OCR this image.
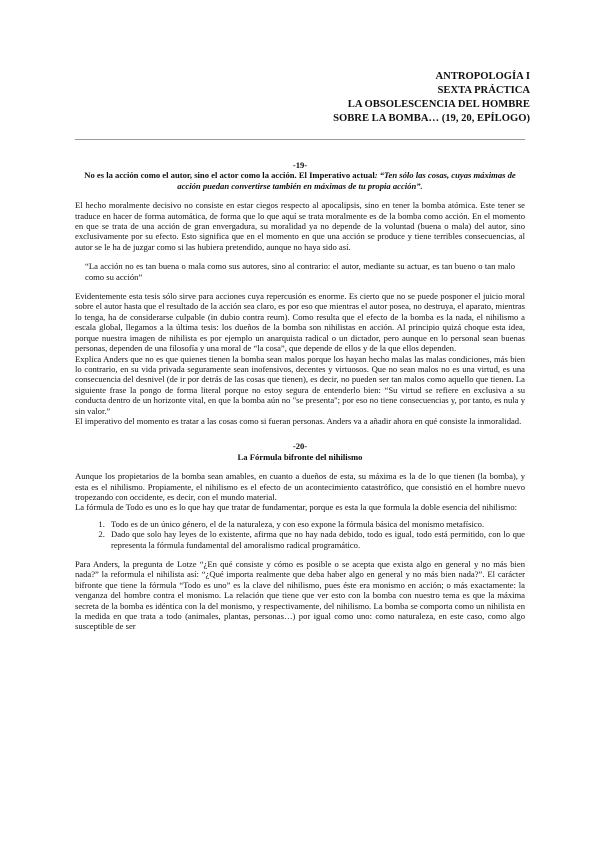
ANTROPOLOGÍA I
SEXTA PRÁCTICA
LA OBSOLESCENCIA DEL HOMBRE
SOBRE LA BOMBA… (19, 20, EPÍLOGO)
-19-
No es la acción como el autor, sino el actor como la acción. El Imperativo actual: “Ten sólo las cosas, cuyas máximas de acción puedan convertirse también en máximas de tu propia acción”.

El hecho moralmente decisivo no consiste en estar ciegos respecto al apocalipsis, sino en tener la bomba atómica. Este tener se traduce en hacer de forma automática, de forma que lo que aquí se trata moralmente es de la bomba como acción. En el momento en que se trata de una acción de gran envergadura, su moralidad ya no depende de la voluntad (buena o mala) del autor, sino exclusivamente por su efecto. Esto significa que en el momento en que una acción se produce y tiene terribles consecuencias, al autor se le ha de juzgar como si las hubiera pretendido, aunque no haya sido así.

“La acción no es tan buena o mala como sus autores, sino al contrario: el autor, mediante su actuar, es tan bueno o tan malo como su acción”

Evidentemente esta tesis sólo sirve para acciones cuya repercusión es enorme. Es cierto que no se puede posponer el juicio moral sobre el autor hasta que el resultado de la acción sea claro, es por eso que mientras el autor posea, no destruya, el aparato, mientras lo tenga, ha de considerarse culpable (in dubio contra reum). Como resulta que el efecto de la bomba es la nada, el nihilismo a escala global, llegamos a la última tesis: los dueños de la bomba son nihilistas en acción. Al principio quizá choque esta idea, porque nuestra imagen de nihilista es por ejemplo un anarquista radical o un dictador, pero aunque en lo personal sean buenas personas, dependen de una filosofía y una moral de “la cosa”, que depende de ellos y de la que ellos dependen.

Explica Anders que no es que quienes tienen la bomba sean malos porque los hayan hecho malas las malas condiciones, más bien lo contrario, en su vida privada seguramente sean inofensivos, decentes y virtuosos. Que no sean malos no es una virtud, es una consecuencia del desnivel (de ir por detrás de las cosas que tienen), es decir, no pueden ser tan malos como aquello que tienen. La siguiente frase la pongo de forma literal porque no estoy segura de entenderlo bien: “Su virtud se refiere en exclusiva a su conducta dentro de un horizonte vital, en que la bomba aún no "se presenta"; por eso no tiene consecuencias y, por tanto, es nula y sin valor.”

El imperativo del momento es tratar a las cosas como si fueran personas. Anders va a añadir ahora en qué consiste la inmoralidad.

-20-
La Fórmula bifronte del nihilismo

Aunque los propietarios de la bomba sean amables, en cuanto a dueños de esta, su máxima es la de lo que tienen (la bomba), y esta es el nihilismo. Propiamente, el nihilismo es el efecto de un acontecimiento catastrófico, que consistió en el hombre nuevo tropezando con occidente, es decir, con el mundo material.

La fórmula de Todo es uno es lo que hay que tratar de fundamentar, porque es esta la que formula la doble esencia del nihilismo:

1. Todo es de un único género, el de la naturaleza, y con eso expone la fórmula básica del monismo metafísico.
2. Dado que solo hay leyes de lo existente, afirma que no hay nada debido, todo es igual, todo está permitido, con lo que representa la fórmula fundamental del amoralismo radical programático.

Para Anders, la pregunta de Lotze “¿En qué consiste y cómo es posible o se acepta que exista algo en general y no más bien nada?” la reformula el nihilista así: “¿Qué importa realmente que deba haber algo en general y no más bien nada?”. El carácter bifronte que tiene la fórmula “Todo es uno” es la clave del nihilismo, pues éste era monismo en acción; o más exactamente: la venganza del hombre contra el monismo. La relación que tiene que ver esto con la bomba con nuestro tema es que la máxima secreta de la bomba es idéntica con la del monismo, y respectivamente, del nihilismo. La bomba se comporta como un nihilista en la medida en que trata a todo (animales, plantas, personas…) por igual como uno: como naturaleza, en este caso, como algo susceptible de ser
